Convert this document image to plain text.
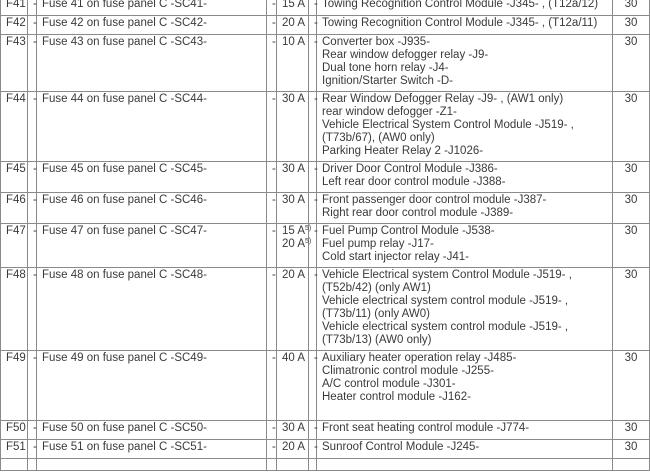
F41	-	Fuse 41 on fuse panel C -SC41-	-	15 A	-	Towing Recognition Control Module -J345- , (T12a/12)	30
F42	-	Fuse 42 on fuse panel C -SC42-	-	20 A	-	Towing Recognition Control Module -J345- , (T12a/11)	30
F43	-	Fuse 43 on fuse panel C -SC43-	-	10 A	-	Converter box -J935-
Rear window defogger relay -J9-
Dual tone horn relay -J4-
Ignition/Starter Switch -D-	30
F44	-	Fuse 44 on fuse panel C -SC44-	-	30 A	-	Rear Window Defogger Relay -J9- , (AW1 only)
rear window defogger -Z1-
Vehicle Electrical System Control Module -J519- , (T73b/67), (AW0 only)
Parking Heater Relay 2 -J1026-	30
F45	-	Fuse 45 on fuse panel C -SC45-	-	30 A	-	Driver Door Control Module -J386-
Left rear door control module -J388-	30
F46	-	Fuse 46 on fuse panel C -SC46-	-	30 A	-	Front passenger door control module -J387-
Right rear door control module -J389-	30
F47	-	Fuse 47 on fuse panel C -SC47-	-	15 $A^{5)}$
20 $A^{5)}$	-	Fuel Pump Control Module -J538-
Fuel pump relay -J17-
Cold start injector relay -J41-	30
F48	-	Fuse 48 on fuse panel C -SC48-	-	20 A	-	Vehicle Electrical system Control Module -J519- , (T52b/42) (only AW1)
Vehicle electrical system control module -J519- , (T73b/11) (only AW0)
Vehicle electrical system control module -J519- , (T73b/13) (AW0 only)	30
F49	-	Fuse 49 on fuse panel C -SC49-	-	40 A	-	Auxiliary heater operation relay -J485-
Climatronic control module -J255-
A/C control module -J301-
Heater control module -J162-	30
F50	-	Fuse 50 on fuse panel C -SC50-	-	30 A	-	Front seat heating control module -J774-	30
F51	-	Fuse 51 on fuse panel C -SC51-	-	20 A	-	Sunroof Control Module -J245-	30
